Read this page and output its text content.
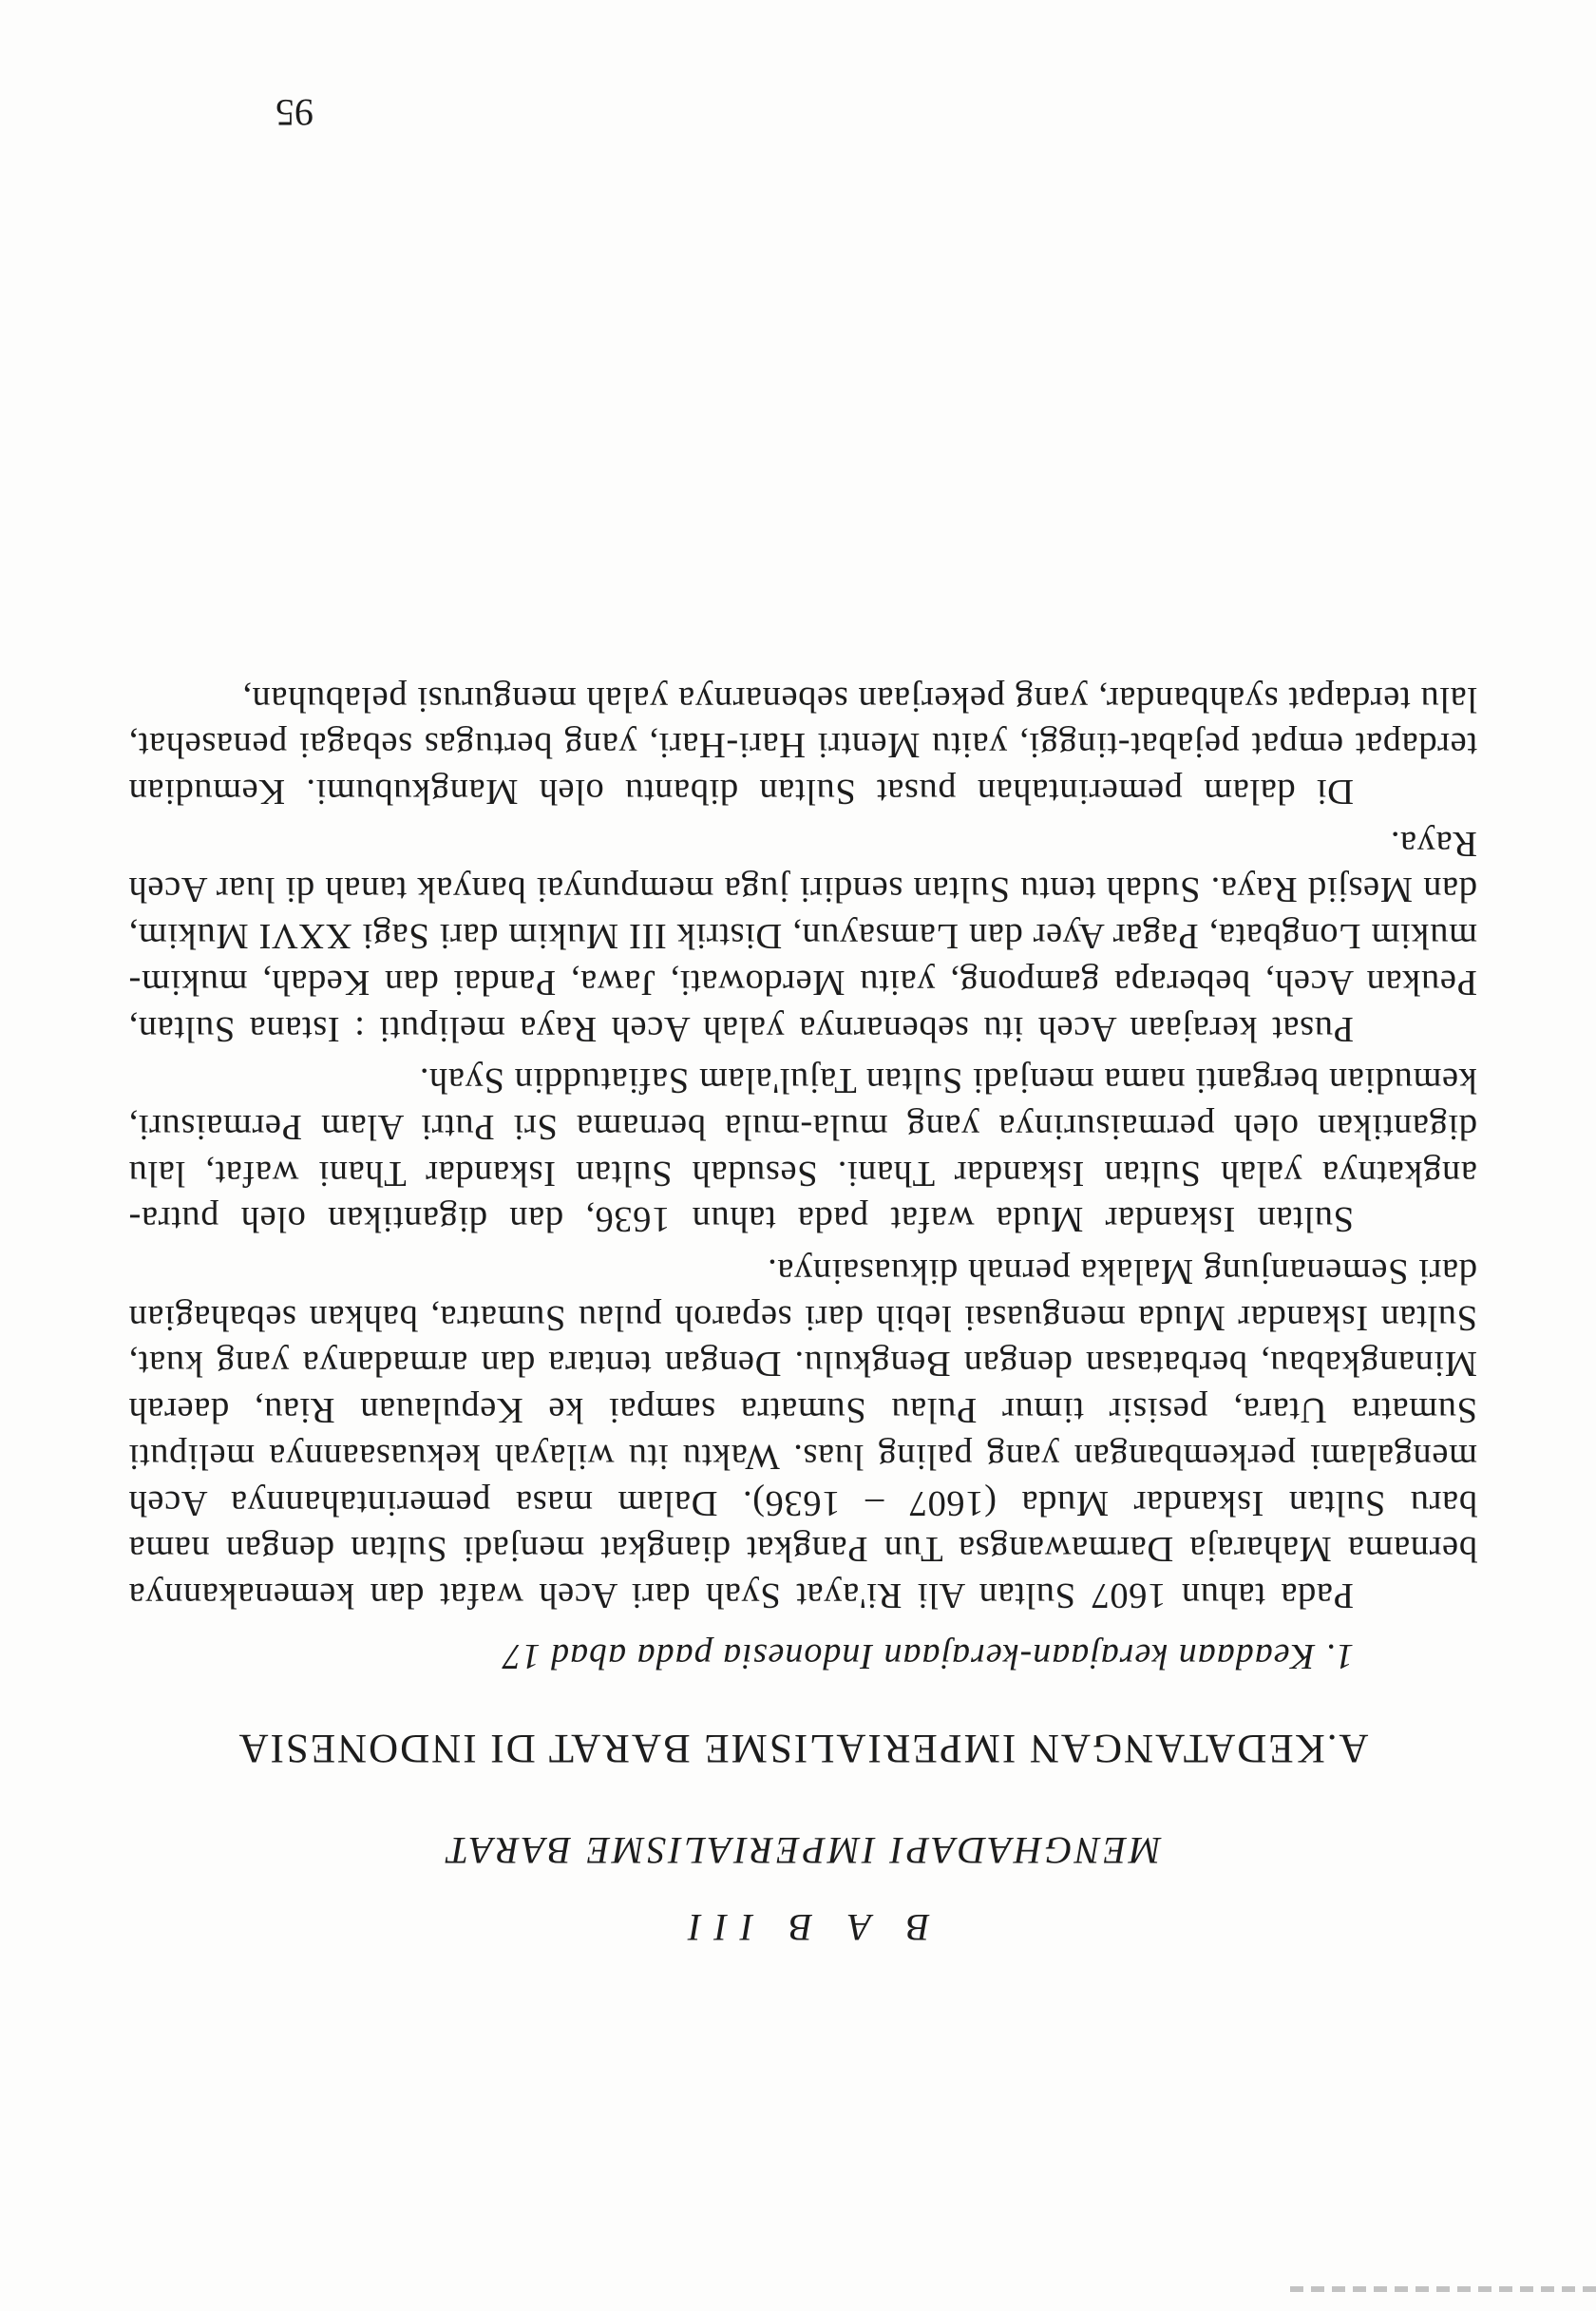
B A B III
MENGHADAPI IMPERIALISME BARAT
A.KEDATANGAN IMPERIALISME BARAT DI INDONESIA
1. Keadaan kerajaan-kerajaan Indonesia pada abad 17

Pada tahun 1607 Sultan Ali Ri'ayat Syah dari Aceh wafat dan kemenakannya bernama Maharaja Darmawangsa Tun Pangkat diangkat menjadi Sultan dengan nama baru Sultan Iskandar Muda (1607 – 1636). Dalam masa pemerintahannya Aceh mengalami perkembangan yang paling luas. Waktu itu wilayah kekuasaannya meliputi Sumatra Utara, pesisir timur Pulau Sumatra sampai ke Kepulauan Riau, daerah Minangkabau, berbatasan dengan Bengkulu. Dengan tentara dan armadanya yang kuat, Sultan Iskandar Muda menguasai lebih dari separoh pulau Sumatra, bahkan sebahagian dari Semenanjung Malaka pernah dikuasainya.

Sultan Iskandar Muda wafat pada tahun 1636, dan digantikan oleh putra-angkatnya yalah Sultan Iskandar Thani. Sesudah Sultan Iskandar Thani wafat, lalu digantikan oleh permaisurinya yang mula-mula bernama Sri Putri Alam Permaisuri, kemudian berganti nama menjadi Sultan Tajul'alam Safiatuddin Syah.

Pusat kerajaan Aceh itu sebenarnya yalah Aceh Raya meliputi : Istana Sultan, Peukan Aceh, beberapa gampong, yaitu Merdowati, Jawa, Pandai dan Kedah, mukim-mukim Longbata, Pagar Ayer dan Lamsayun, Distrik III Mukim dari Sagi XXVI Mukim, dan Mesjid Raya. Sudah tentu Sultan sendiri juga mempunyai banyak tanah di luar Aceh Raya.

Di dalam pemerintahan pusat Sultan dibantu oleh Mangkubumi. Kemudian terdapat empat pejabat-tinggi, yaitu Mentri Hari-Hari, yang bertugas sebagai penasehat, lalu terdapat syahbandar, yang pekerjaan sebenarnya yalah mengurusi pelabuhan,

95
